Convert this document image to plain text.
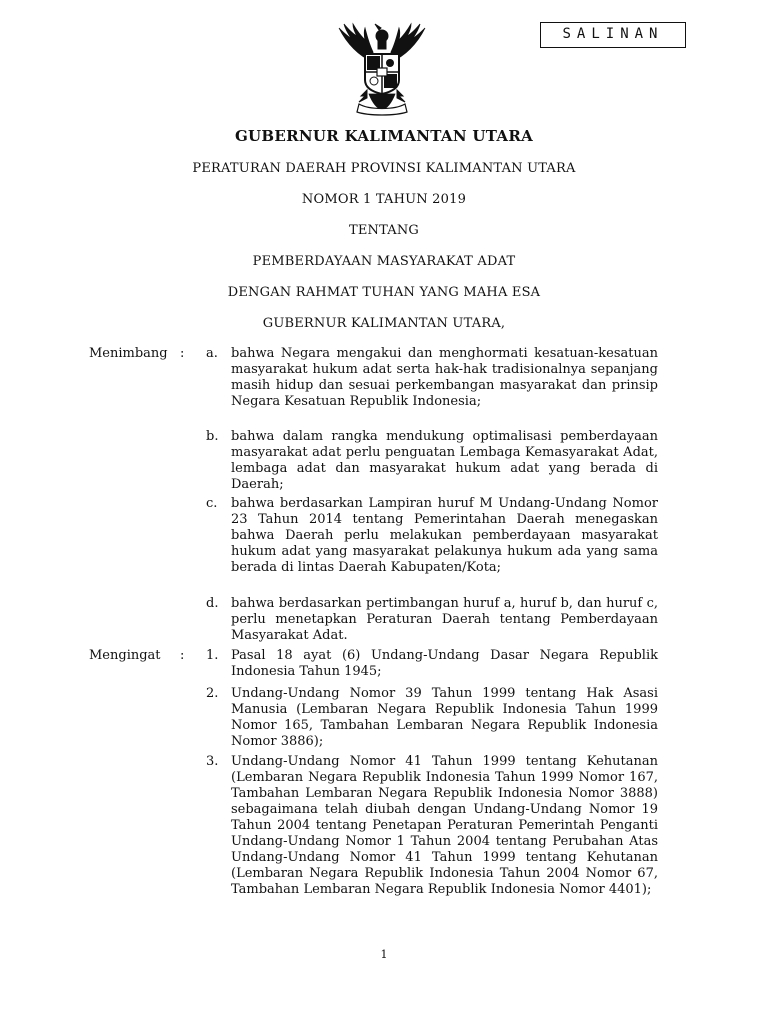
SALINAN
GUBERNUR KALIMANTAN UTARA
PERATURAN DAERAH PROVINSI KALIMANTAN UTARA
NOMOR 1 TAHUN 2019
TENTANG
PEMBERDAYAAN MASYARAKAT ADAT
DENGAN RAHMAT TUHAN YANG MAHA ESA
GUBERNUR KALIMANTAN UTARA,
Menimbang : a. bahwa Negara mengakui dan menghormati kesatuan-kesatuan masyarakat hukum adat serta hak-hak tradisionalnya sepanjang masih hidup dan sesuai perkembangan masyarakat dan prinsip Negara Kesatuan Republik Indonesia;
b. bahwa dalam rangka mendukung optimalisasi pemberdayaan masyarakat adat perlu penguatan Lembaga Kemasyarakat Adat, lembaga adat dan masyarakat hukum adat yang berada di Daerah;
c. bahwa berdasarkan Lampiran huruf M Undang-Undang Nomor 23 Tahun 2014 tentang Pemerintahan Daerah menegaskan bahwa Daerah perlu melakukan pemberdayaan masyarakat hukum adat yang masyarakat pelakunya hukum ada yang sama berada di lintas Daerah Kabupaten/Kota;
d. bahwa berdasarkan pertimbangan huruf a, huruf b, dan huruf c, perlu menetapkan Peraturan Daerah tentang Pemberdayaan Masyarakat Adat.
Mengingat : 1. Pasal 18 ayat (6) Undang-Undang Dasar Negara Republik Indonesia Tahun 1945;
2. Undang-Undang Nomor 39 Tahun 1999 tentang Hak Asasi Manusia (Lembaran Negara Republik Indonesia Tahun 1999 Nomor 165, Tambahan Lembaran Negara Republik Indonesia Nomor 3886);
3. Undang-Undang Nomor 41 Tahun 1999 tentang Kehutanan (Lembaran Negara Republik Indonesia Tahun 1999 Nomor 167, Tambahan Lembaran Negara Republik Indonesia Nomor 3888) sebagaimana telah diubah dengan Undang-Undang Nomor 19 Tahun 2004 tentang Penetapan Peraturan Pemerintah Penganti Undang-Undang Nomor 1 Tahun 2004 tentang Perubahan Atas Undang-Undang Nomor 41 Tahun 1999 tentang Kehutanan (Lembaran Negara Republik Indonesia Tahun 2004 Nomor 67, Tambahan Lembaran Negara Republik Indonesia Nomor 4401);
1
